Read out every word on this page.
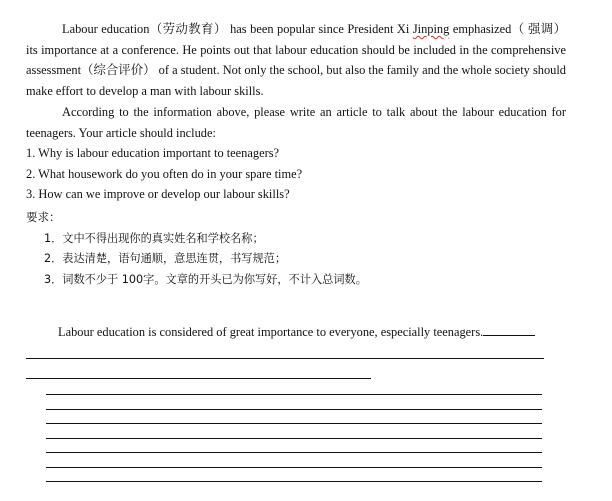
Labour education（劳动教育） has been popular since President Xi Jinping emphasized（ 强调） its importance at a conference. He points out that labour education should be included in the comprehensive assessment（综合评价） of a student. Not only the school, but also the family and the whole society should make effort to develop a man with labour skills.

According to the information above, please write an article to talk about the labour education for teenagers. Your article should include:

1. Why is labour education important to teenagers?
2. What housework do you often do in your spare time?
3. How can we improve or develop our labour skills?
要求：
1．文中不得出现你的真实姓名和学校名称；
2．表达清楚，语句通顺，意思连贯，书写规范；
3．词数不少于 100字。文章的开头已为你写好，不计入总词数。
Labour education is considered of great importance to everyone, especially teenagers.
